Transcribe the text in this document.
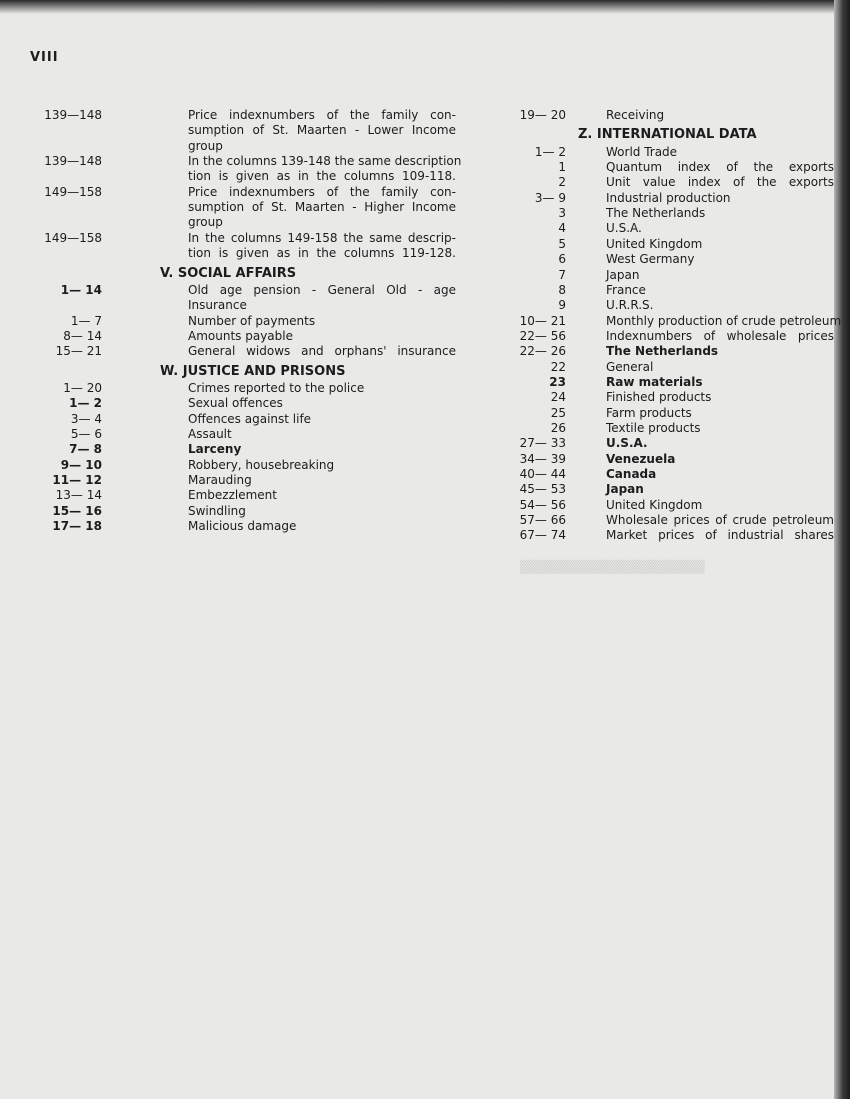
▒▒▒▒▒▒▒▒▒▒▒▒▒▒▒▒▒▒▒▒
VIII
139—148	Price indexnumbers of the family con-
sumption of St. Maarten - Lower Income
group
139—148	In the columns 139-148 the same description
tion is given as in the columns 109-118.
149—158	Price indexnumbers of the family con-
sumption of St. Maarten - Higher Income
group
149—158	In the columns 149-158 the same descrip-
tion is given as in the columns 119-128.
V. SOCIAL AFFAIRS
1— 14	Old age pension - General Old - age
Insurance
1— 7	Number of payments
8— 14	Amounts payable
15— 21	General widows and orphans' insurance
W. JUSTICE AND PRISONS
1— 20	Crimes reported to the police
1— 2	Sexual offences
3— 4	Offences against life
5— 6	Assault
7— 8	Larceny
9— 10	Robbery, housebreaking
11— 12	Marauding
13— 14	Embezzlement
15— 16	Swindling
17— 18	Malicious damage
19— 20	Receiving
Z. INTERNATIONAL DATA
1— 2	World Trade
1	Quantum index of the exports
2	Unit value index of the exports
3— 9	Industrial production
3	The Netherlands
4	U.S.A.
5	United Kingdom
6	West Germany
7	Japan
8	France
9	U.R.R.S.
10— 21	Monthly production of crude petroleum
22— 56	Indexnumbers of wholesale prices
22— 26	The Netherlands
22	General
23	Raw materials
24	Finished products
25	Farm products
26	Textile products
27— 33	U.S.A.
34— 39	Venezuela
40— 44	Canada
45— 53	Japan
54— 56	United Kingdom
57— 66	Wholesale prices of crude petroleum
67— 74	Market prices of industrial shares
